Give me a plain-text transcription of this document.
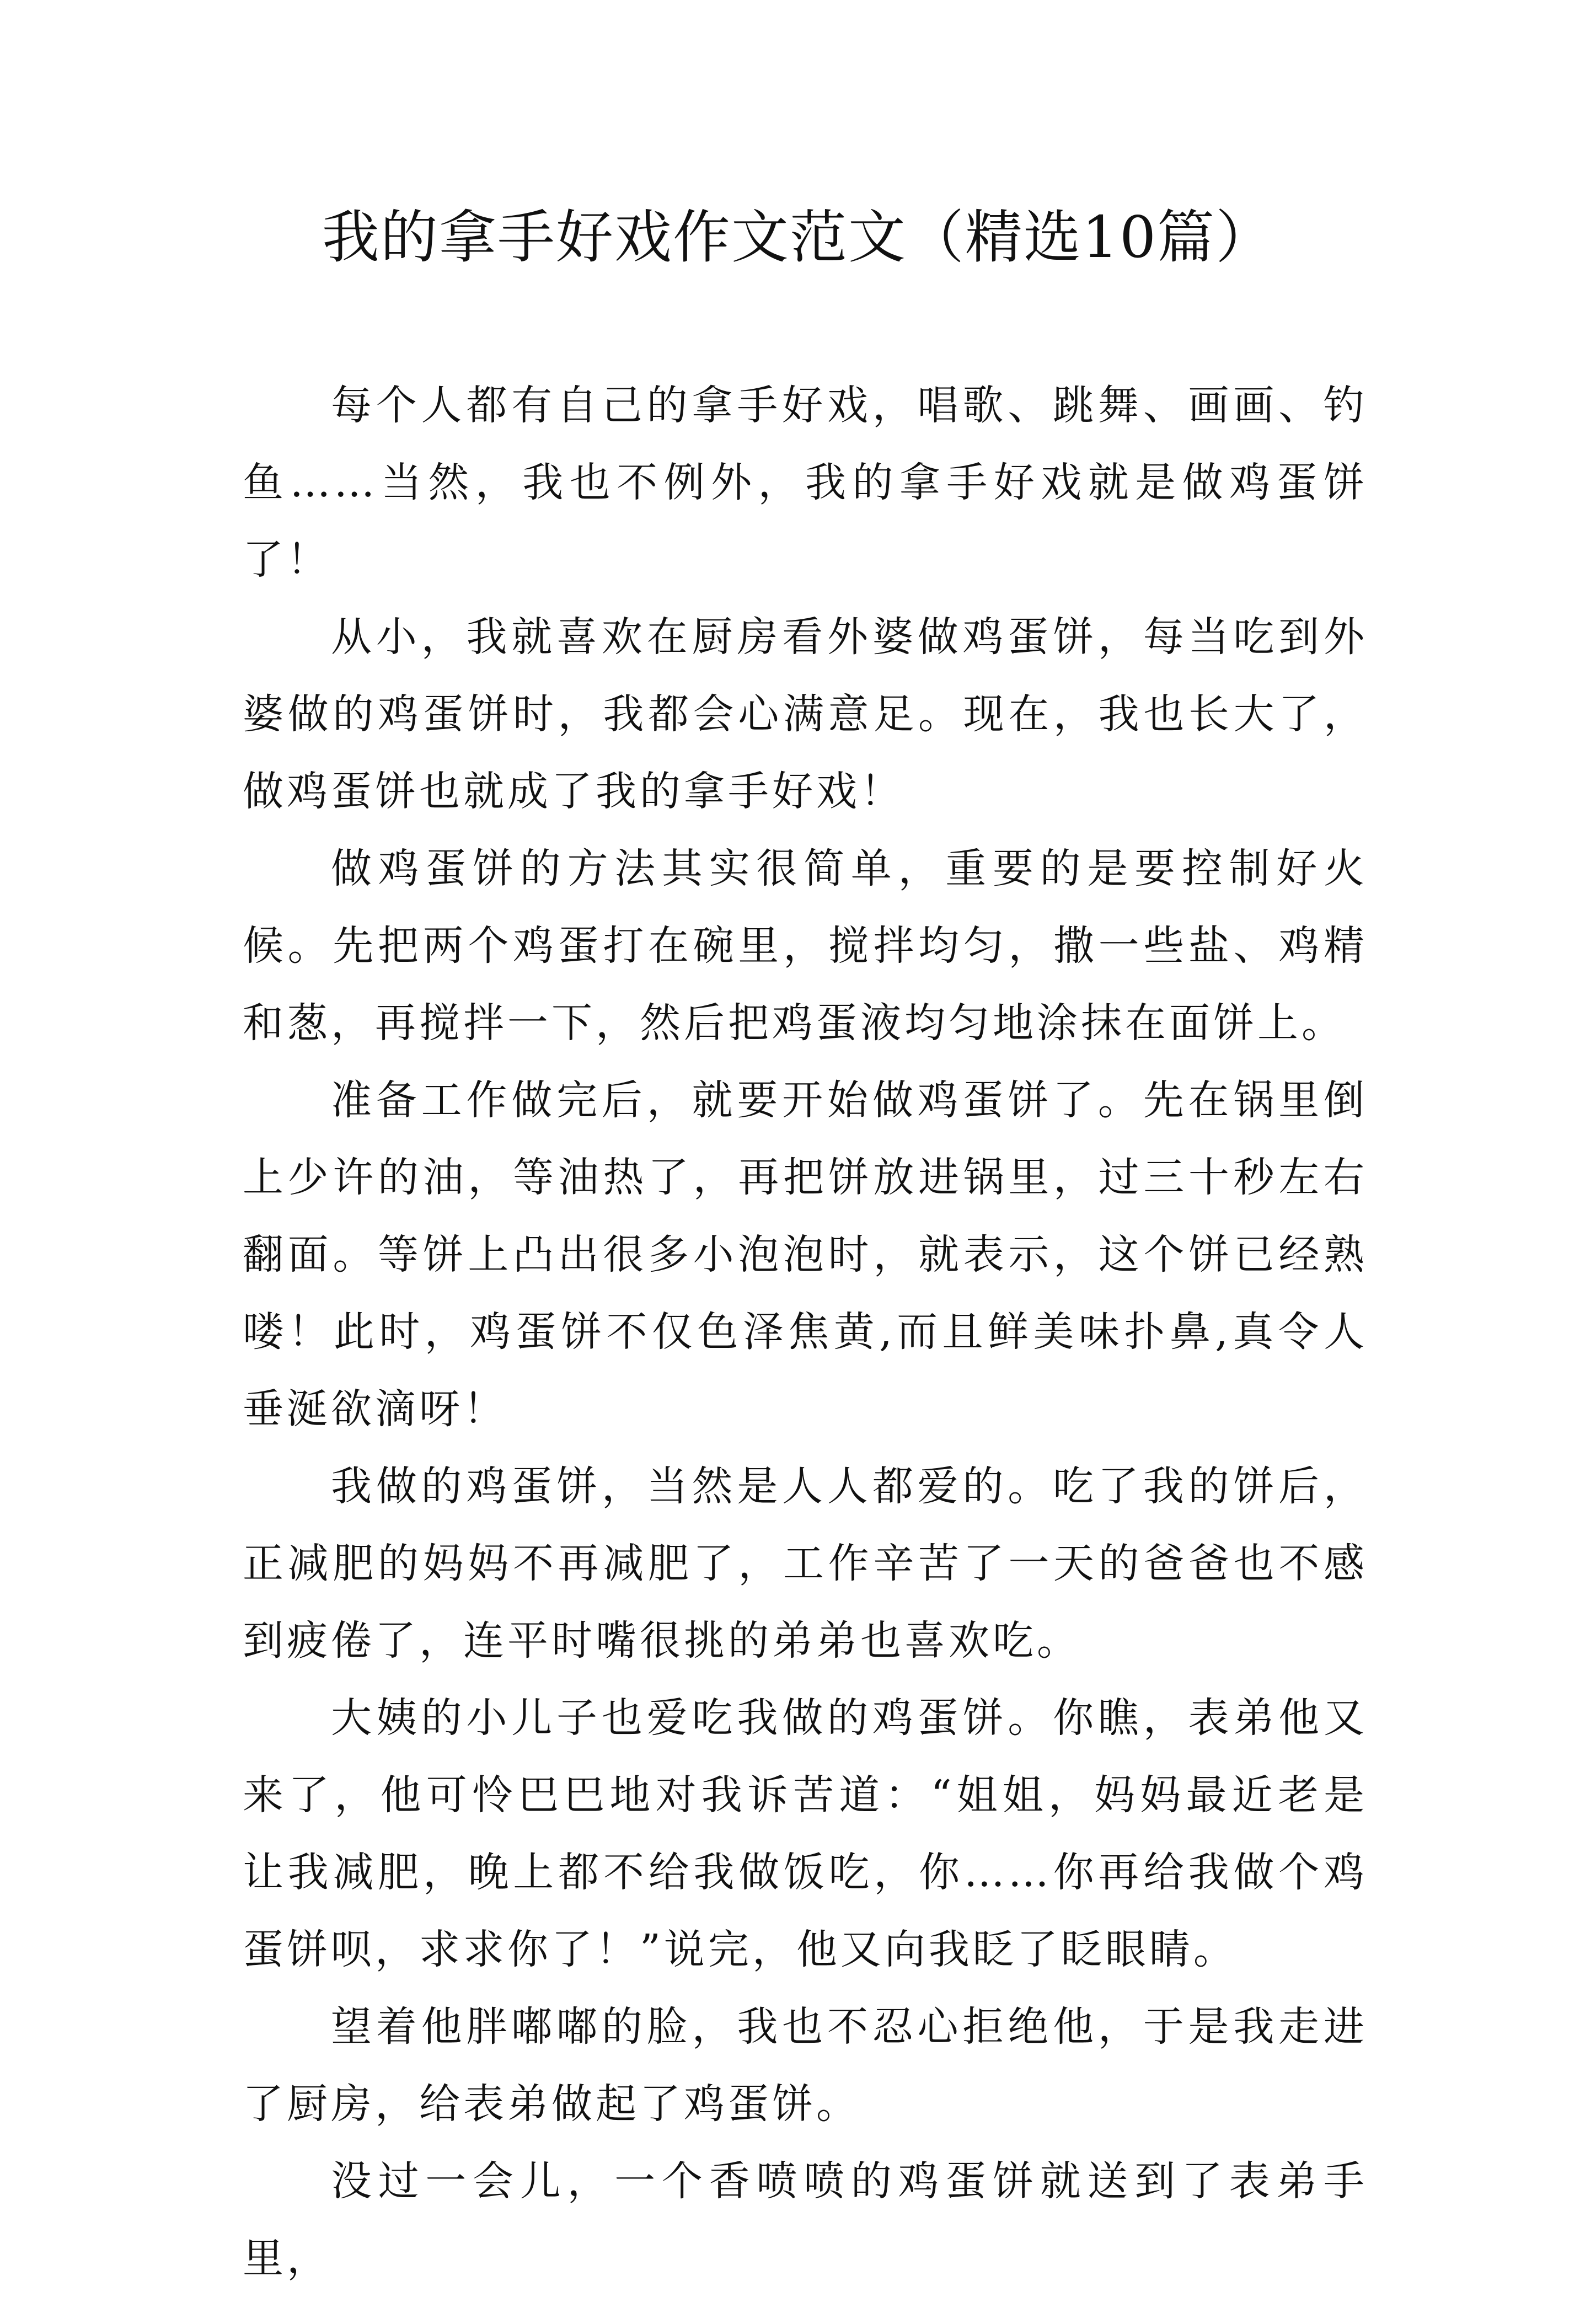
我的拿手好戏作文范文（精选10篇）

每个人都有自己的拿手好戏，唱歌、跳舞、画画、钓鱼……当然，我也不例外，我的拿手好戏就是做鸡蛋饼了！

从小，我就喜欢在厨房看外婆做鸡蛋饼，每当吃到外婆做的鸡蛋饼时，我都会心满意足。现在，我也长大了，做鸡蛋饼也就成了我的拿手好戏！

做鸡蛋饼的方法其实很简单，重要的是要控制好火候。先把两个鸡蛋打在碗里，搅拌均匀，撒一些盐、鸡精和葱，再搅拌一下，然后把鸡蛋液均匀地涂抹在面饼上。

准备工作做完后，就要开始做鸡蛋饼了。先在锅里倒上少许的油，等油热了，再把饼放进锅里，过三十秒左右翻面。等饼上凸出很多小泡泡时，就表示，这个饼已经熟喽！此时，鸡蛋饼不仅色泽焦黄,而且鲜美味扑鼻,真令人垂涎欲滴呀！

我做的鸡蛋饼，当然是人人都爱的。吃了我的饼后，正减肥的妈妈不再减肥了，工作辛苦了一天的爸爸也不感到疲倦了，连平时嘴很挑的弟弟也喜欢吃。

大姨的小儿子也爱吃我做的鸡蛋饼。你瞧，表弟他又来了，他可怜巴巴地对我诉苦道：“姐姐，妈妈最近老是让我减肥，晚上都不给我做饭吃，你……你再给我做个鸡蛋饼呗，求求你了！”说完，他又向我眨了眨眼睛。

望着他胖嘟嘟的脸，我也不忍心拒绝他，于是我走进了厨房，给表弟做起了鸡蛋饼。

没过一会儿，一个香喷喷的鸡蛋饼就送到了表弟手里，
